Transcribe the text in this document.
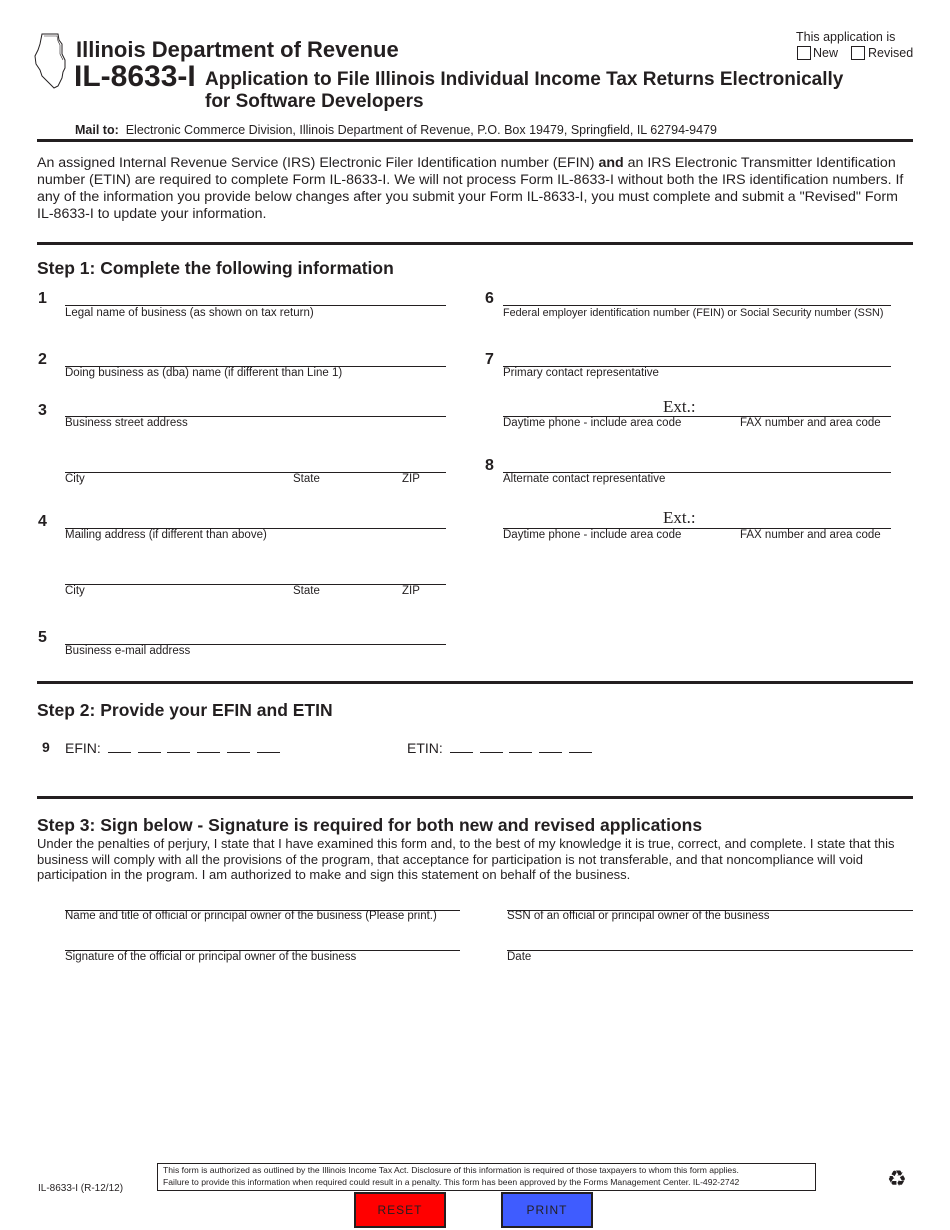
Illinois Department of Revenue
IL-8633-I Application to File Illinois Individual Income Tax Returns Electronically
for Software Developers
This application is
New Revised
Mail to: Electronic Commerce Division, Illinois Department of Revenue, P.O. Box 19479, Springfield, IL 62794-9479
An assigned Internal Revenue Service (IRS) Electronic Filer Identification number (EFIN) and an IRS Electronic Transmitter Identification number (ETIN) are required to complete Form IL-8633-I. We will not process Form IL-8633-I without both the IRS identification numbers. If any of the information you provide below changes after you submit your Form IL-8633-I, you must complete and submit a "Revised" Form IL-8633-I to update your information.
Step 1: Complete the following information
1
Legal name of business (as shown on tax return)
2
Doing business as (dba) name (if different than Line 1)
3
Business street address
City	State	ZIP
4
Mailing address (if different than above)
City	State	ZIP
5
Business e-mail address
6
Federal employer identification number (FEIN) or Social Security number (SSN)
7
Primary contact representative
Ext.:
Daytime phone - include area code	FAX number and area code
8
Alternate contact representative
Ext.:
Daytime phone - include area code	FAX number and area code
Step 2: Provide your EFIN and ETIN
9 EFIN:	ETIN:
Step 3: Sign below - Signature is required for both new and revised applications
Under the penalties of perjury, I state that I have examined this form and, to the best of my knowledge it is true, correct, and complete. I state that this business will comply with all the provisions of the program, that acceptance for participation is not transferable, and that noncompliance will void participation in the program. I am authorized to make and sign this statement on behalf of the business.
Name and title of official or principal owner of the business (Please print.)	SSN of an official or principal owner of the business
Signature of the official or principal owner of the business	Date
IL-8633-I (R-12/12)
This form is authorized as outlined by the Illinois Income Tax Act. Disclosure of this information is required of those taxpayers to whom this form applies.
Failure to provide this information when required could result in a penalty. This form has been approved by the Forms Management Center. IL-492-2742	♻
RESET	PRINT
